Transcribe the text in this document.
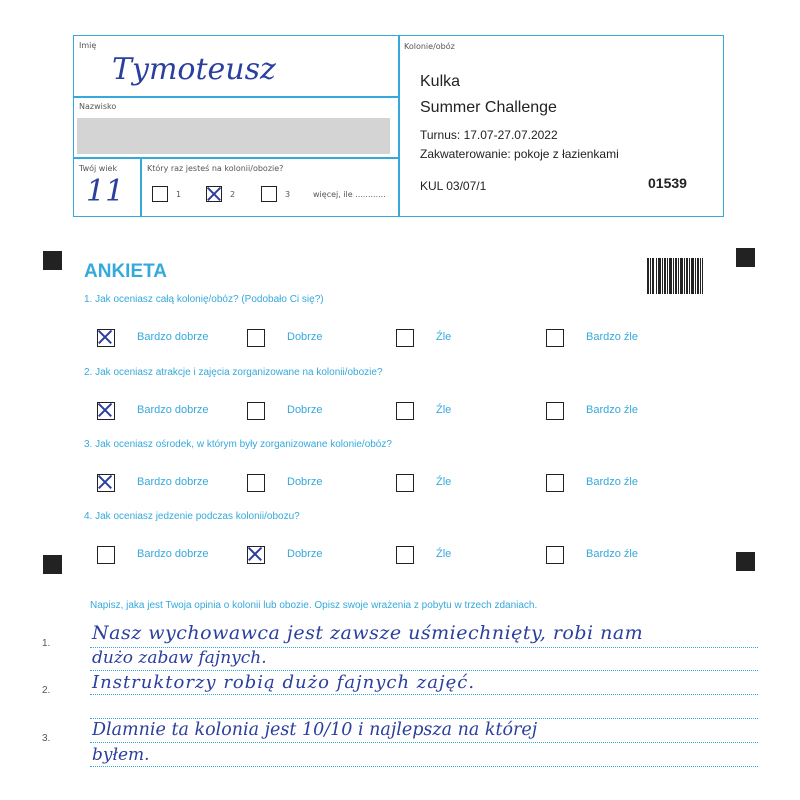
Imię
Tymoteusz
Nazwisko
Twój wiek
11
Który raz jesteś na kolonii/obozie?
1	2	3	więcej, ile ............
Kolonie/obóz
Kulka
Summer Challenge
Turnus: 17.07-27.07.2022
Zakwaterowanie: pokoje z łazienkami
KUL 03/07/1	01539
ANKIETA
1. Jak oceniasz całą kolonię/obóz? (Podobało Ci się?)
Bardzo dobrze	Dobrze	Źle	Bardzo źle
2. Jak oceniasz atrakcje i zajęcia zorganizowane na kolonii/obozie?
Bardzo dobrze	Dobrze	Źle	Bardzo źle
3. Jak oceniasz ośrodek, w którym były zorganizowane kolonie/obóz?
Bardzo dobrze	Dobrze	Źle	Bardzo źle
4. Jak oceniasz jedzenie podczas kolonii/obozu?
Bardzo dobrze	Dobrze	Źle	Bardzo źle
Napisz, jaka jest Twoja opinia o kolonii lub obozie. Opisz swoje wrażenia z pobytu w trzech zdaniach.
1.
2.
3.
Nasz wychowawca jest zawsze uśmiechnięty, robi nam
dużo zabaw fajnych.
Instruktorzy robią dużo fajnych zajęć.
Dlamnie ta kolonia jest 10/10 i najlepsza na której
byłem.
